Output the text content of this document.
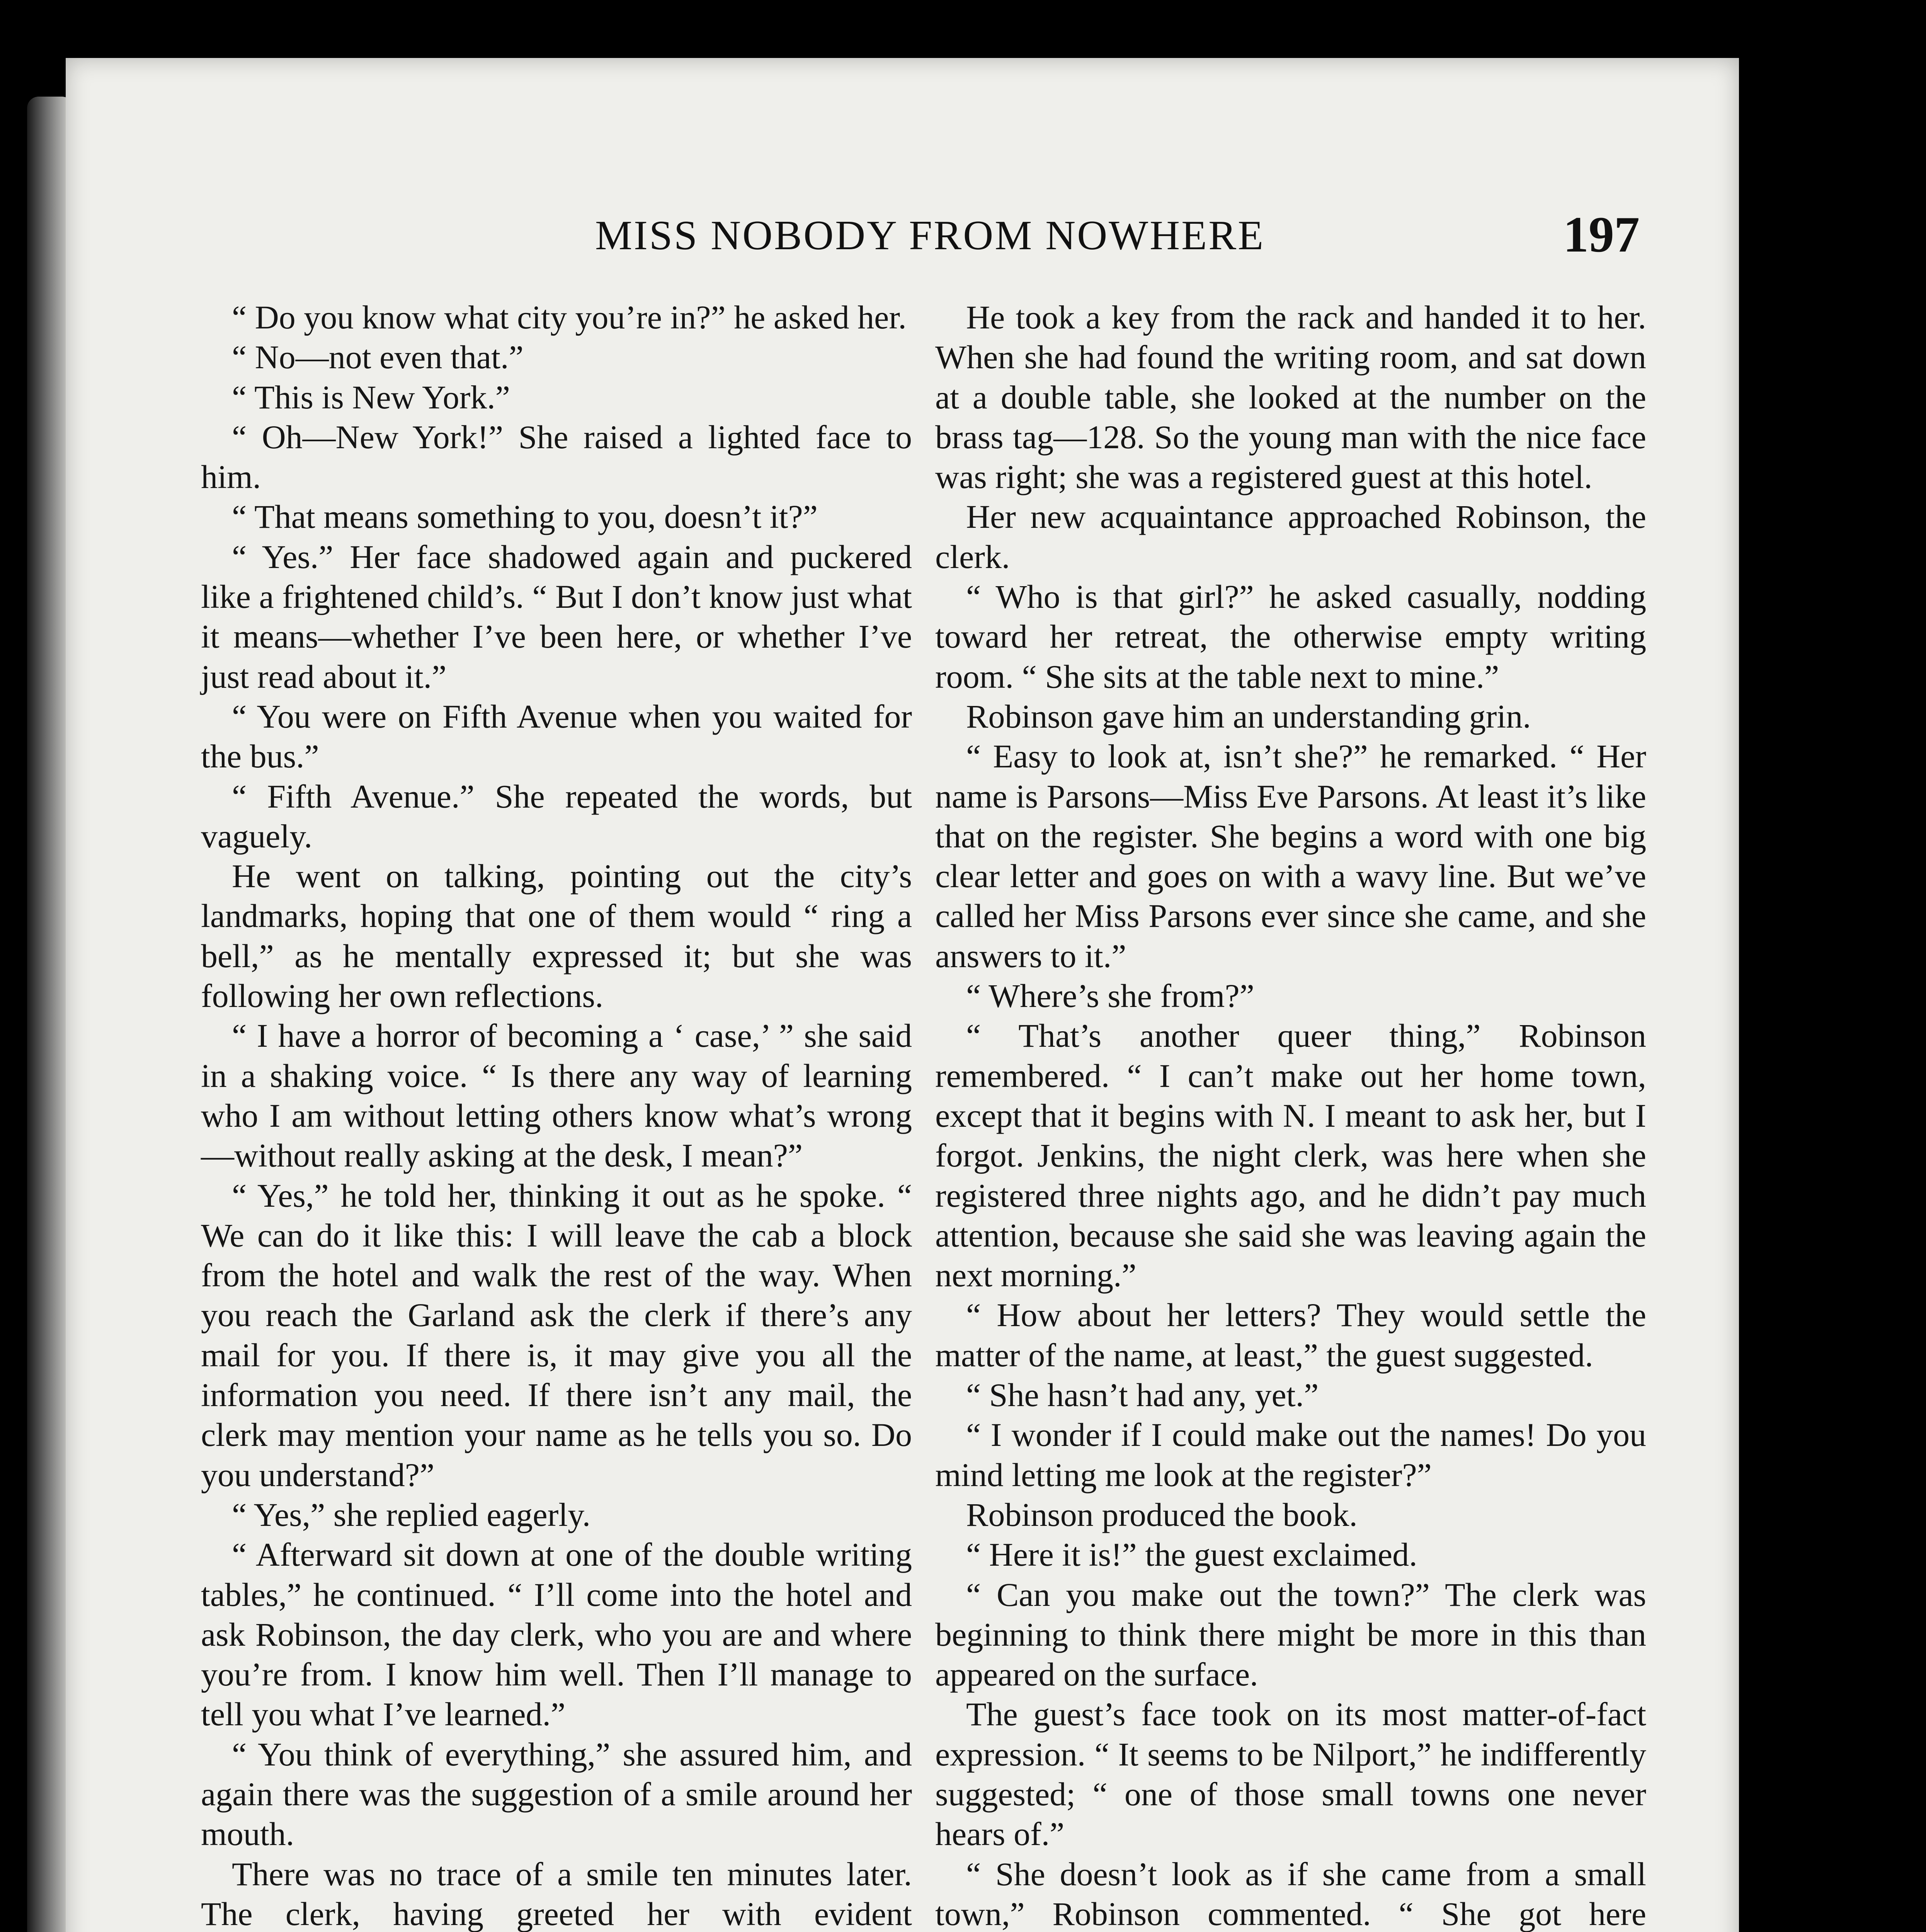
MISS NOBODY FROM NOWHERE	197

“ Do you know what city you’re in?” he asked her.

“ No—not even that.”

“ This is New York.”

“ Oh—New York!” She raised a lighted face to him.

“ That means something to you, doesn’t it?”

“ Yes.” Her face shadowed again and puckered like a frightened child’s. “ But I don’t know just what it means—whether I’ve been here, or whether I’ve just read about it.”

“ You were on Fifth Avenue when you waited for the bus.”

“ Fifth Avenue.” She repeated the words, but vaguely.

He went on talking, pointing out the city’s landmarks, hoping that one of them would “ ring a bell,” as he mentally expressed it; but she was following her own reflections.

“ I have a horror of becoming a ‘ case,’ ” she said in a shaking voice. “ Is there any way of learning who I am without letting others know what’s wrong—without really asking at the desk, I mean?”

“ Yes,” he told her, thinking it out as he spoke. “ We can do it like this: I will leave the cab a block from the hotel and walk the rest of the way. When you reach the Garland ask the clerk if there’s any mail for you. If there is, it may give you all the information you need. If there isn’t any mail, the clerk may mention your name as he tells you so. Do you understand?”

“ Yes,” she replied eagerly.

“ Afterward sit down at one of the double writing tables,” he continued. “ I’ll come into the hotel and ask Robinson, the day clerk, who you are and where you’re from. I know him well. Then I’ll manage to tell you what I’ve learned.”

“ You think of everything,” she assured him, and again there was the suggestion of a smile around her mouth.

There was no trace of a smile ten minutes later. The clerk, having greeted her with evident

He took a key from the rack and handed it to her. When she had found the writing room, and sat down at a double table, she looked at the number on the brass tag—128. So the young man with the nice face was right; she was a registered guest at this hotel.

Her new acquaintance approached Robinson, the clerk.

“ Who is that girl?” he asked casually, nodding toward her retreat, the otherwise empty writing room. “ She sits at the table next to mine.”

Robinson gave him an understanding grin.

“ Easy to look at, isn’t she?” he remarked. “ Her name is Parsons—Miss Eve Parsons. At least it’s like that on the register. She begins a word with one big clear letter and goes on with a wavy line. But we’ve called her Miss Parsons ever since she came, and she answers to it.”

“ Where’s she from?”

“ That’s another queer thing,” Robinson remembered. “ I can’t make out her home town, except that it begins with N. I meant to ask her, but I forgot. Jenkins, the night clerk, was here when she registered three nights ago, and he didn’t pay much attention, because she said she was leaving again the next morning.”

“ How about her letters? They would settle the matter of the name, at least,” the guest suggested.

“ She hasn’t had any, yet.”

“ I wonder if I could make out the names! Do you mind letting me look at the register?”

Robinson produced the book.

“ Here it is!” the guest exclaimed.

“ Can you make out the town?” The clerk was beginning to think there might be more in this than appeared on the surface.

The guest’s face took on its most matter-of-fact expression. “ It seems to be Nilport,” he indifferently suggested; “ one of those small towns one never hears of.”

“ She doesn’t look as if she came from a small town,” Robinson commented. “ She got here
